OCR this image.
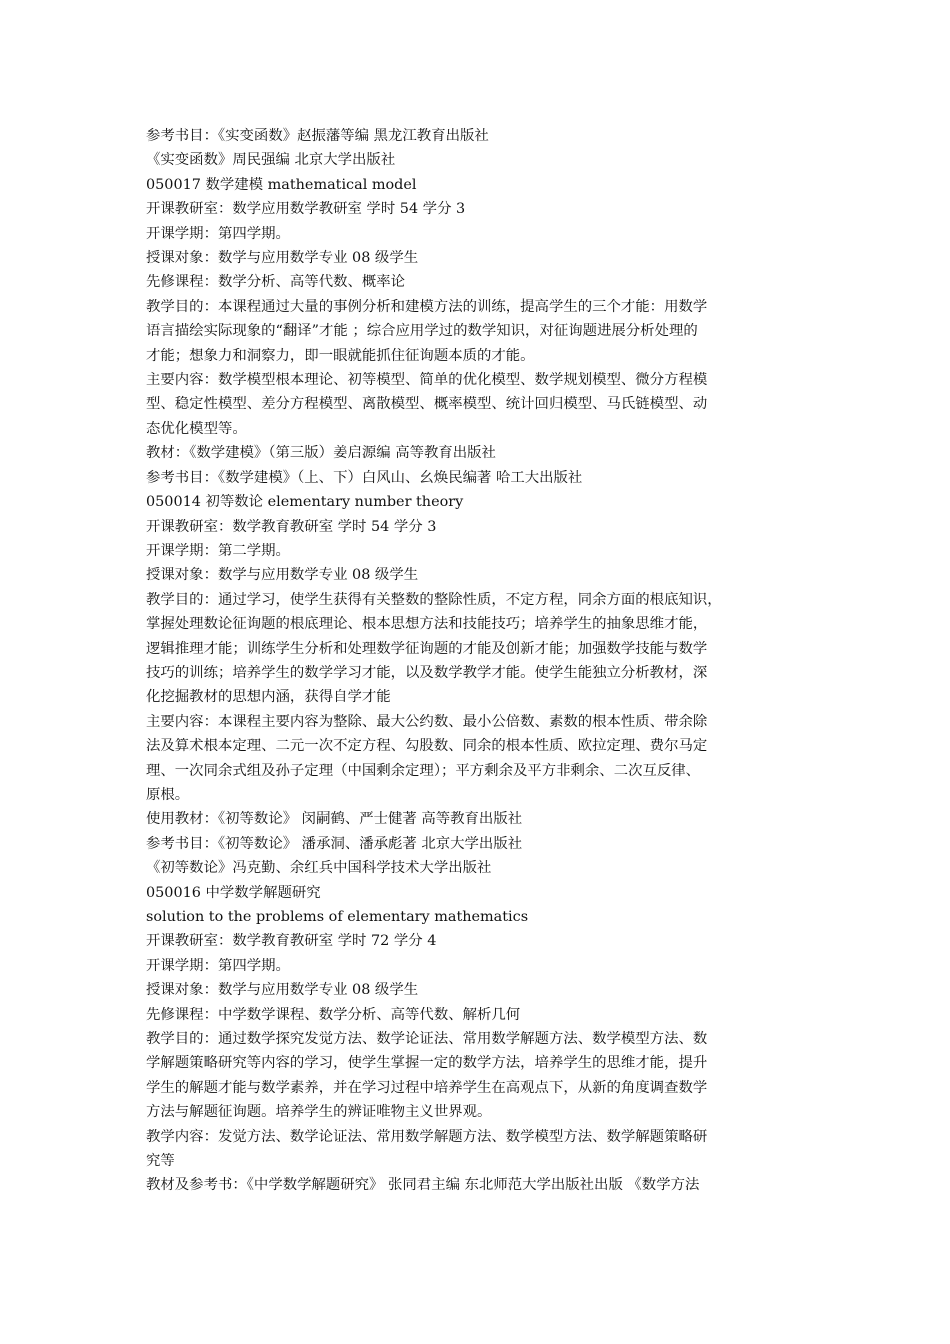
参考书目：《实变函数》赵振藩等编 黑龙江教育出版社
《实变函数》周民强编 北京大学出版社
050017 数学建模 mathematical model
开课教研室：数学应用数学教研室 学时 54 学分 3
开课学期：第四学期。
授课对象：数学与应用数学专业 08 级学生
先修课程：数学分析、高等代数、概率论
教学目的：本课程通过大量的事例分析和建模方法的训练，提高学生的三个才能：用数学
语言描绘实际现象的“翻译”才能 ；综合应用学过的数学知识，对征询题进展分析处理的
才能；想象力和洞察力，即一眼就能抓住征询题本质的才能。
主要内容：数学模型根本理论、初等模型、简单的优化模型、数学规划模型、微分方程模
型、稳定性模型、差分方程模型、离散模型、概率模型、统计回归模型、马氏链模型、动
态优化模型等。
教材：《数学建模》（第三版）姜启源编 高等教育出版社
参考书目：《数学建模》（上、下）白风山、幺焕民编著 哈工大出版社
050014 初等数论 elementary number theory
开课教研室：数学教育教研室 学时 54 学分 3
开课学期：第二学期。
授课对象：数学与应用数学专业 08 级学生
教学目的：通过学习，使学生获得有关整数的整除性质，不定方程，同余方面的根底知识，
掌握处理数论征询题的根底理论、根本思想方法和技能技巧；培养学生的抽象思维才能，
逻辑推理才能；训练学生分析和处理数学征询题的才能及创新才能；加强数学技能与数学
技巧的训练；培养学生的数学学习才能，以及数学教学才能。使学生能独立分析教材，深
化挖掘教材的思想内涵，获得自学才能
主要内容：本课程主要内容为整除、最大公约数、最小公倍数、素数的根本性质、带余除
法及算术根本定理、二元一次不定方程、勾股数、同余的根本性质、欧拉定理、费尔马定
理、一次同余式组及孙子定理（中国剩余定理）；平方剩余及平方非剩余、二次互反律、
原根。
使用教材：《初等数论》 闵嗣鹤、严士健著 高等教育出版社
参考书目：《初等数论》 潘承洞、潘承彪著 北京大学出版社
《初等数论》冯克勤、余红兵中国科学技术大学出版社
050016 中学数学解题研究
solution to the problems of elementary mathematics
开课教研室：数学教育教研室 学时 72 学分 4
开课学期：第四学期。
授课对象：数学与应用数学专业 08 级学生
先修课程：中学数学课程、数学分析、高等代数、解析几何
教学目的：通过数学探究发觉方法、数学论证法、常用数学解题方法、数学模型方法、数
学解题策略研究等内容的学习，使学生掌握一定的数学方法，培养学生的思维才能，提升
学生的解题才能与数学素养，并在学习过程中培养学生在高观点下，从新的角度调查数学
方法与解题征询题。培养学生的辨证唯物主义世界观。
教学内容：发觉方法、数学论证法、常用数学解题方法、数学模型方法、数学解题策略研
究等
教材及参考书：《中学数学解题研究》 张同君主编 东北师范大学出版社出版 《数学方法
